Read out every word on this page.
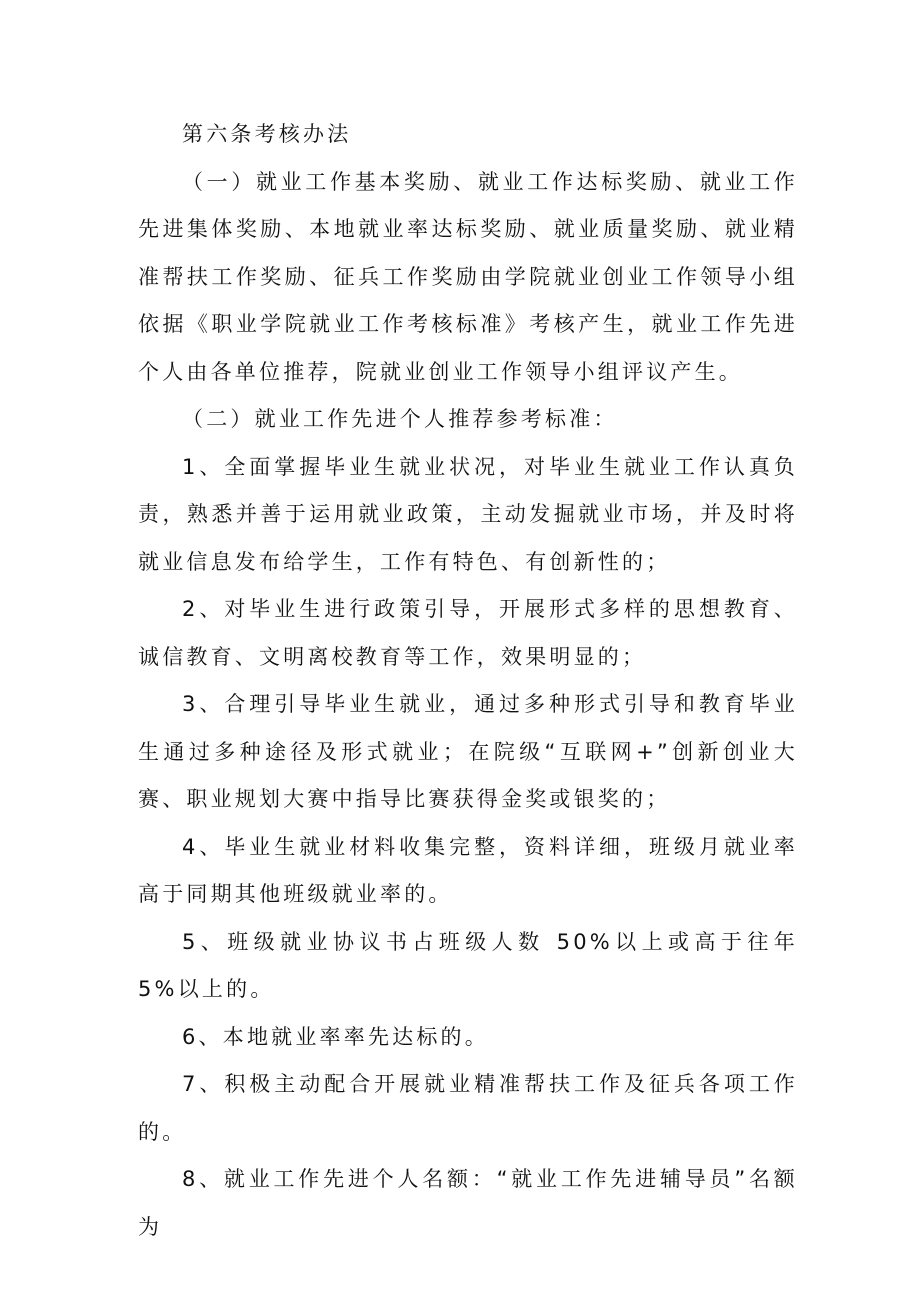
第六条考核办法

（一）就业工作基本奖励、就业工作达标奖励、就业工作先进集体奖励、本地就业率达标奖励、就业质量奖励、就业精准帮扶工作奖励、征兵工作奖励由学院就业创业工作领导小组依据《职业学院就业工作考核标准》考核产生，就业工作先进个人由各单位推荐，院就业创业工作领导小组评议产生。

（二）就业工作先进个人推荐参考标准：

1、全面掌握毕业生就业状况，对毕业生就业工作认真负责，熟悉并善于运用就业政策，主动发掘就业市场，并及时将就业信息发布给学生，工作有特色、有创新性的；

2、对毕业生进行政策引导，开展形式多样的思想教育、诚信教育、文明离校教育等工作，效果明显的；

3、合理引导毕业生就业，通过多种形式引导和教育毕业生通过多种途径及形式就业；在院级“互联网+”创新创业大赛、职业规划大赛中指导比赛获得金奖或银奖的；

4、毕业生就业材料收集完整，资料详细，班级月就业率高于同期其他班级就业率的。

5、班级就业协议书占班级人数 50%以上或高于往年 5%以上的。

6、本地就业率率先达标的。

7、积极主动配合开展就业精准帮扶工作及征兵各项工作的。

8、就业工作先进个人名额：“就业工作先进辅导员”名额为
